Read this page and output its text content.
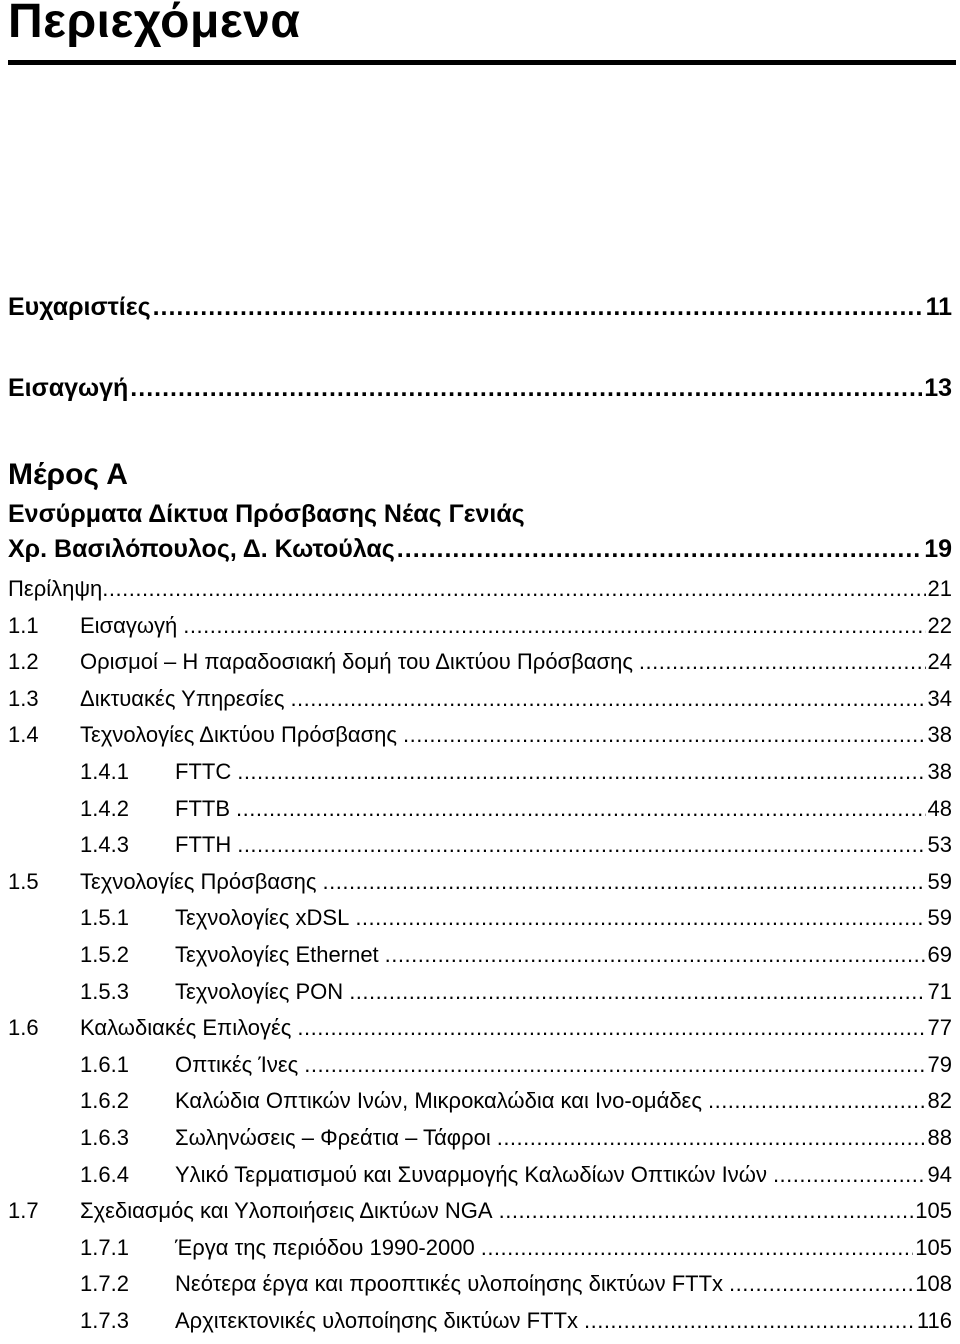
Περιεχόμενα
Ευχαριστίες .....	11
Εισαγωγή .....	13
Μέρος Α
Ενσύρματα Δίκτυα Πρόσβασης Νέας Γενιάς
Χρ. Βασιλόπουλος, Δ. Κωτούλας .....	19
Περίληψη .....	21
1.1	Εισαγωγή .....	22
1.2	Ορισμοί – Η παραδοσιακή δομή του Δικτύου Πρόσβασης .....	24
1.3	Δικτυακές Υπηρεσίες .....	34
1.4	Τεχνολογίες Δικτύου Πρόσβασης .....	38
1.4.1	FTTC .....	38
1.4.2	FTTB .....	48
1.4.3	FTTH .....	53
1.5	Τεχνολογίες Πρόσβασης .....	59
1.5.1	Τεχνολογίες xDSL .....	59
1.5.2	Τεχνολογίες Ethernet .....	69
1.5.3	Τεχνολογίες PON .....	71
1.6	Καλωδιακές Επιλογές .....	77
1.6.1	Οπτικές Ίνες .....	79
1.6.2	Καλώδια Οπτικών Ινών, Μικροκαλώδια και Ινο-ομάδες .....	82
1.6.3	Σωληνώσεις – Φρεάτια – Τάφροι .....	88
1.6.4	Υλικό Τερματισμού και Συναρμογής Καλωδίων Οπτικών Ινών .....	94
1.7	Σχεδιασμός και Υλοποιήσεις Δικτύων NGA .....	105
1.7.1	Έργα της περιόδου 1990-2000 .....	105
1.7.2	Νεότερα έργα και προοπτικές υλοποίησης δικτύων FTTx .....	108
1.7.3	Αρχιτεκτονικές υλοποίησης δικτύων FTTx .....	116
